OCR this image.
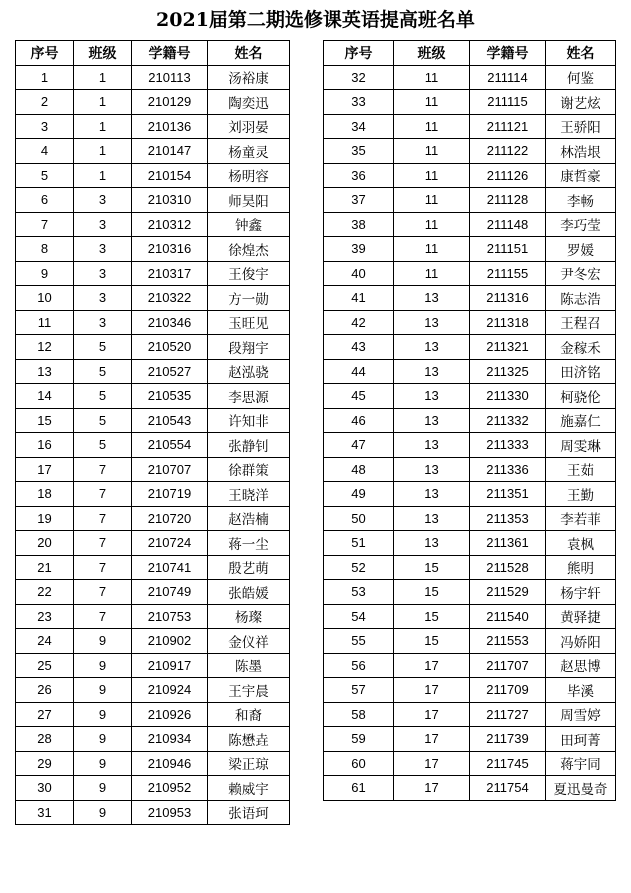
2021届第二期选修课英语提高班名单
序号	班级	学籍号	姓名
1	1	210113	汤裕康
2	1	210129	陶奕迅
3	1	210136	刘羽晏
4	1	210147	杨童灵
5	1	210154	杨明容
6	3	210310	师昊阳
7	3	210312	钟鑫
8	3	210316	徐煌杰
9	3	210317	王俊宇
10	3	210322	方一勋
11	3	210346	玉旺见
12	5	210520	段翔宇
13	5	210527	赵泓骁
14	5	210535	李思源
15	5	210543	许知非
16	5	210554	张静钊
17	7	210707	徐群策
18	7	210719	王晓洋
19	7	210720	赵浩楠
20	7	210724	蒋一尘
21	7	210741	殷艺萌
22	7	210749	张皓媛
23	7	210753	杨璨
24	9	210902	金仪祥
25	9	210917	陈墨
26	9	210924	王宇晨
27	9	210926	和裔
28	9	210934	陈懋垚
29	9	210946	梁正琼
30	9	210952	赖威宇
31	9	210953	张语珂
序号	班级	学籍号	姓名
32	11	211114	何鉴
33	11	211115	谢艺炫
34	11	211121	王骄阳
35	11	211122	林浩垠
36	11	211126	康哲豪
37	11	211128	李畅
38	11	211148	李巧莹
39	11	211151	罗媛
40	11	211155	尹冬宏
41	13	211316	陈志浩
42	13	211318	王程召
43	13	211321	金稼禾
44	13	211325	田济铭
45	13	211330	柯骁伦
46	13	211332	施嘉仁
47	13	211333	周雯琳
48	13	211336	王茹
49	13	211351	王勤
50	13	211353	李若菲
51	13	211361	袁枫
52	15	211528	熊明
53	15	211529	杨宇轩
54	15	211540	黄驿捷
55	15	211553	冯娇阳
56	17	211707	赵思博
57	17	211709	毕溪
58	17	211727	周雪婷
59	17	211739	田珂菁
60	17	211745	蒋宇同
61	17	211754	夏迅曼奇
